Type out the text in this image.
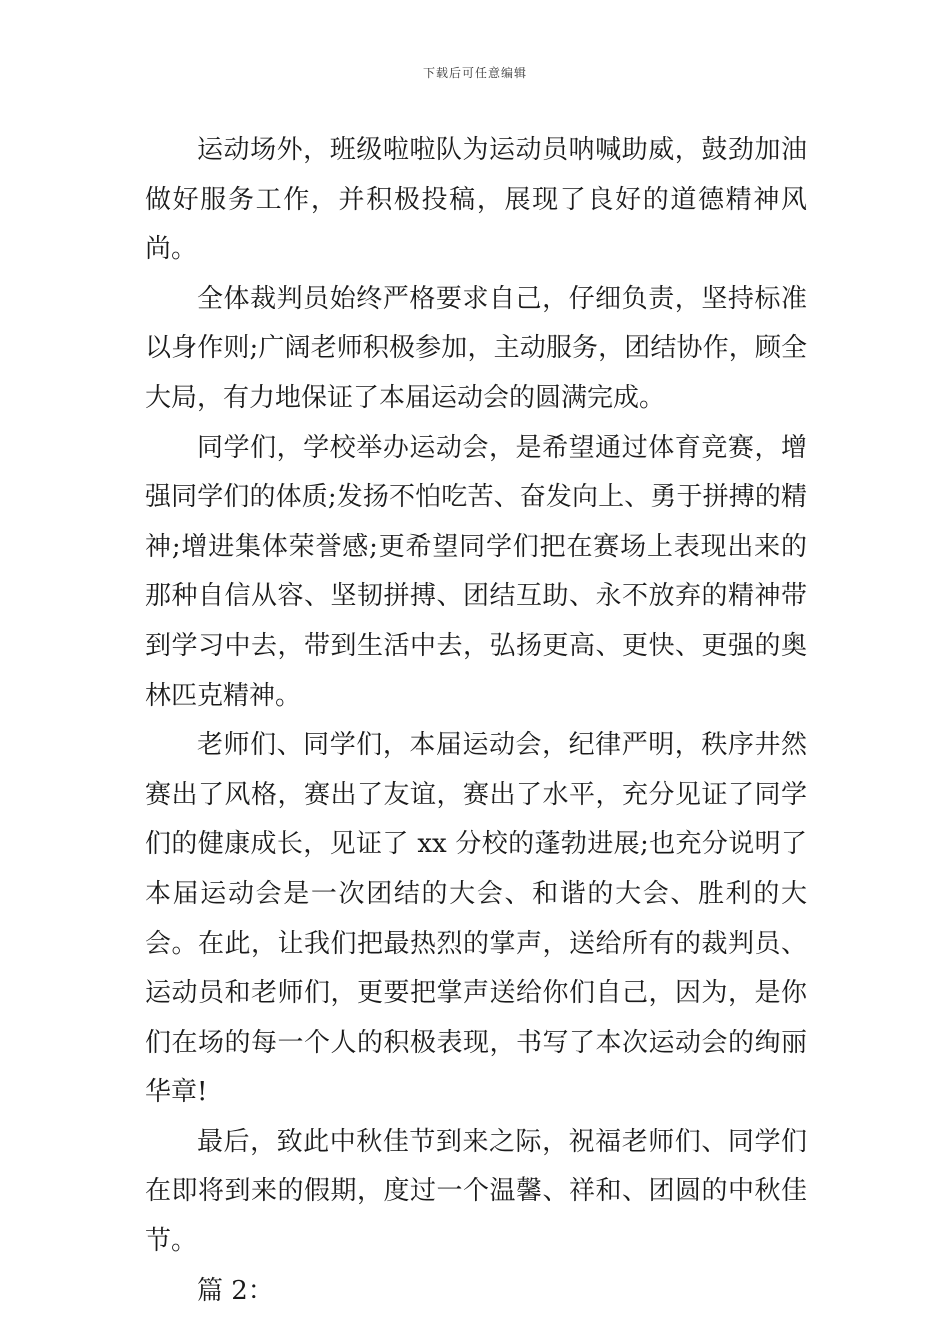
下载后可任意编辑

运动场外，班级啦啦队为运动员呐喊助威，鼓劲加油做好服务工作，并积极投稿，展现了良好的道德精神风尚。

全体裁判员始终严格要求自己，仔细负责，坚持标准以身作则;广阔老师积极参加，主动服务，团结协作，顾全大局，有力地保证了本届运动会的圆满完成。

同学们，学校举办运动会，是希望通过体育竞赛，增强同学们的体质;发扬不怕吃苦、奋发向上、勇于拼搏的精神;增进集体荣誉感;更希望同学们把在赛场上表现出来的那种自信从容、坚韧拼搏、团结互助、永不放弃的精神带到学习中去，带到生活中去，弘扬更高、更快、更强的奥林匹克精神。

老师们、同学们，本届运动会，纪律严明，秩序井然赛出了风格，赛出了友谊，赛出了水平，充分见证了同学们的健康成长，见证了 xx 分校的蓬勃进展;也充分说明了本届运动会是一次团结的大会、和谐的大会、胜利的大会。在此，让我们把最热烈的掌声，送给所有的裁判员、运动员和老师们，更要把掌声送给你们自己，因为，是你们在场的每一个人的积极表现，书写了本次运动会的绚丽华章!

最后，致此中秋佳节到来之际，祝福老师们、同学们在即将到来的假期，度过一个温馨、祥和、团圆的中秋佳节。

篇 2：
